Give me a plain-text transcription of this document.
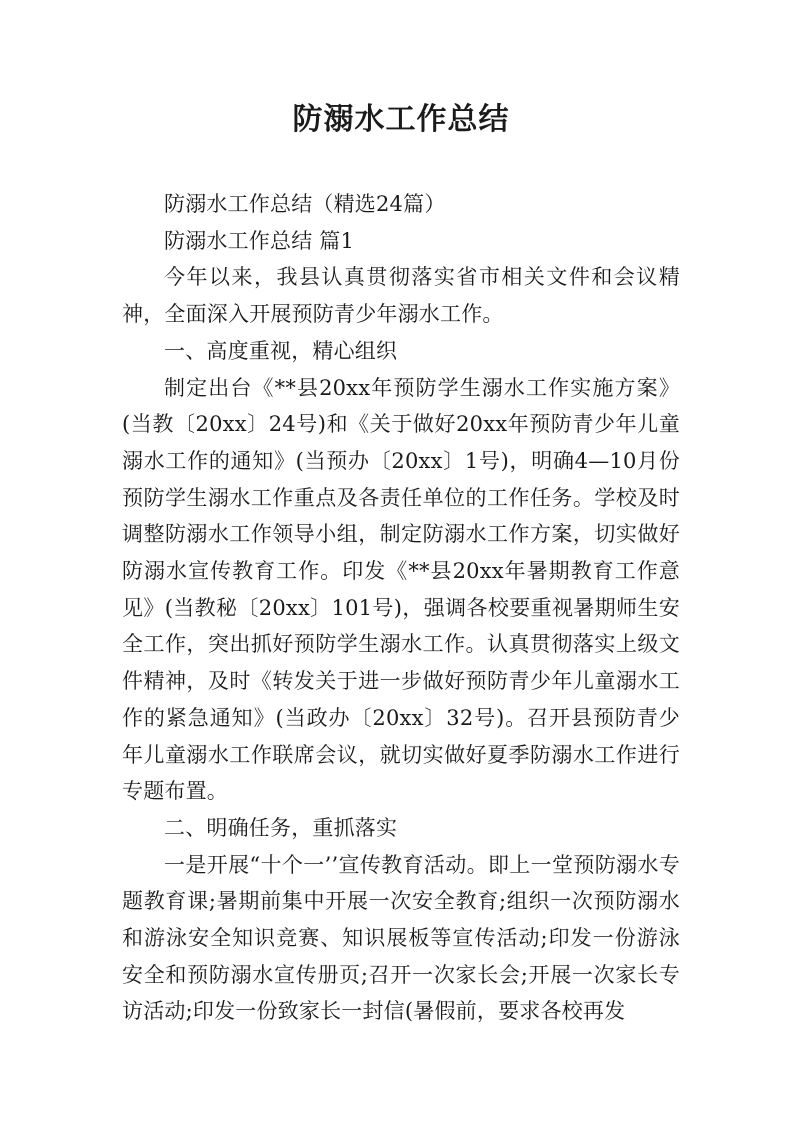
防溺水工作总结

防溺水工作总结（精选24篇）

防溺水工作总结 篇1

今年以来，我县认真贯彻落实省市相关文件和会议精神，全面深入开展预防青少年溺水工作。

一、高度重视，精心组织

制定出台《**县20xx年预防学生溺水工作实施方案》(当教〔20xx〕24号)和《关于做好20xx年预防青少年儿童溺水工作的通知》(当预办〔20xx〕1号)，明确4—10月份预防学生溺水工作重点及各责任单位的工作任务。学校及时调整防溺水工作领导小组，制定防溺水工作方案，切实做好防溺水宣传教育工作。印发《**县20xx年暑期教育工作意见》(当教秘〔20xx〕101号)，强调各校要重视暑期师生安全工作，突出抓好预防学生溺水工作。认真贯彻落实上级文件精神，及时《转发关于进一步做好预防青少年儿童溺水工作的紧急通知》(当政办〔20xx〕32号)。召开县预防青少年儿童溺水工作联席会议，就切实做好夏季防溺水工作进行专题布置。

二、明确任务，重抓落实

一是开展“十个一’’宣传教育活动。即上一堂预防溺水专题教育课;暑期前集中开展一次安全教育;组织一次预防溺水和游泳安全知识竞赛、知识展板等宣传活动;印发一份游泳安全和预防溺水宣传册页;召开一次家长会;开展一次家长专访活动;印发一份致家长一封信(暑假前，要求各校再发
